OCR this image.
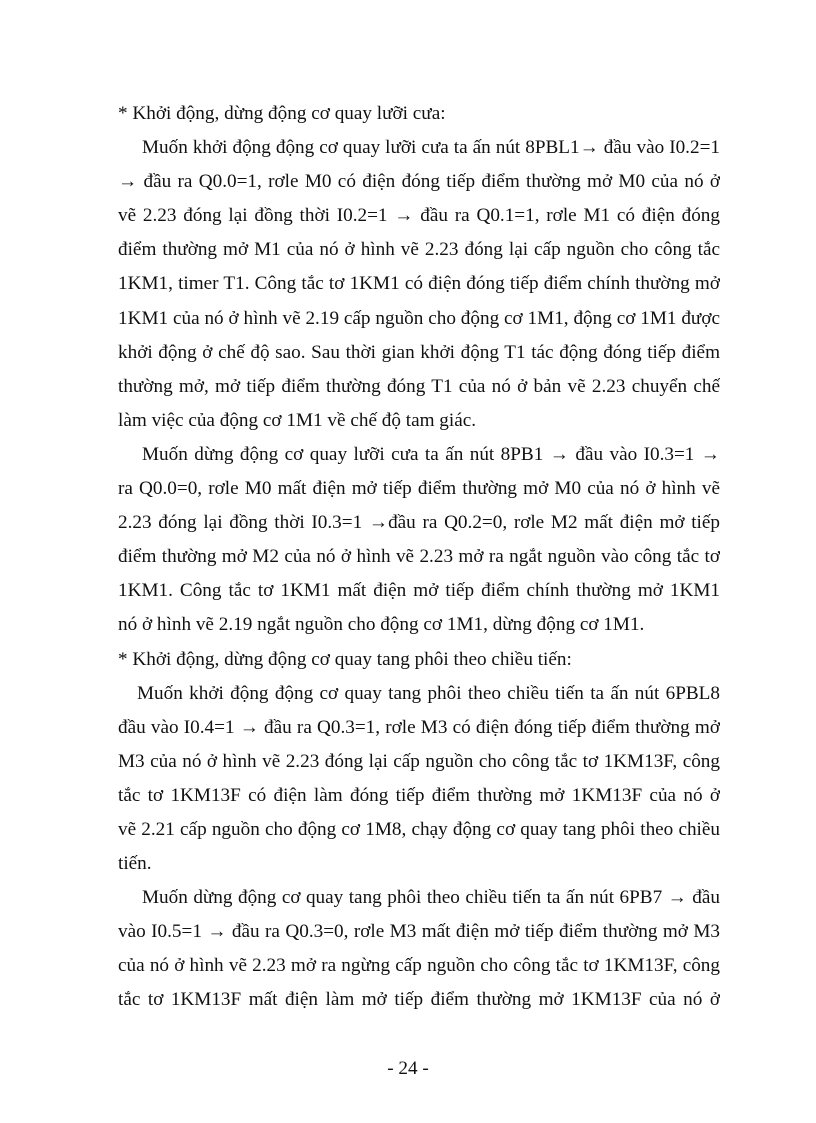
* Khởi động, dừng động cơ quay lưỡi cưa:
Muốn khởi động động cơ quay lưỡi cưa ta ấn nút 8PBL1→ đầu vào I0.2=1
→ đầu ra Q0.0=1, rơle M0 có điện đóng tiếp điểm thường mở M0 của nó ở
vẽ 2.23 đóng lại đồng thời I0.2=1 → đầu ra Q0.1=1, rơle M1 có điện đóng
điểm thường mở M1 của nó ở hình vẽ 2.23 đóng lại cấp nguồn cho công tắc
1KM1, timer T1. Công tắc tơ 1KM1 có điện đóng tiếp điểm chính thường mở
1KM1 của nó ở hình vẽ 2.19 cấp nguồn cho động cơ 1M1, động cơ 1M1 được
khởi động ở chế độ sao. Sau thời gian khởi động T1 tác động đóng tiếp điểm
thường mở, mở tiếp điểm thường đóng T1 của nó ở bản vẽ 2.23 chuyển chế
làm việc của động cơ 1M1 về chế độ tam giác.
Muốn dừng động cơ quay lưỡi cưa ta ấn nút 8PB1 → đầu vào I0.3=1 →
ra Q0.0=0, rơle M0 mất điện mở tiếp điểm thường mở M0 của nó ở hình vẽ
2.23 đóng lại đồng thời I0.3=1 →đầu ra Q0.2=0, rơle M2 mất điện mở tiếp
điểm thường mở M2 của nó ở hình vẽ 2.23 mở ra ngắt nguồn vào công tắc tơ
1KM1. Công tắc tơ 1KM1 mất điện mở tiếp điểm chính thường mở 1KM1
nó ở hình vẽ 2.19 ngắt nguồn cho động cơ 1M1, dừng động cơ 1M1.
* Khởi động, dừng động cơ quay tang phôi theo chiều tiến:
Muốn khởi động động cơ quay tang phôi theo chiều tiến ta ấn nút 6PBL8
đầu vào I0.4=1 → đầu ra Q0.3=1, rơle M3 có điện đóng tiếp điểm thường mở
M3 của nó ở hình vẽ 2.23 đóng lại cấp nguồn cho công tắc tơ 1KM13F, công
tắc tơ 1KM13F có điện làm đóng tiếp điểm thường mở 1KM13F của nó ở
vẽ 2.21 cấp nguồn cho động cơ 1M8, chạy động cơ quay tang phôi theo chiều
tiến.
Muốn dừng động cơ quay tang phôi theo chiều tiến ta ấn nút 6PB7 → đầu
vào I0.5=1 → đầu ra Q0.3=0, rơle M3 mất điện mở tiếp điểm thường mở M3
của nó ở hình vẽ 2.23 mở ra ngừng cấp nguồn cho công tắc tơ 1KM13F, công
tắc tơ 1KM13F mất điện làm mở tiếp điểm thường mở 1KM13F của nó ở
- 24 -
